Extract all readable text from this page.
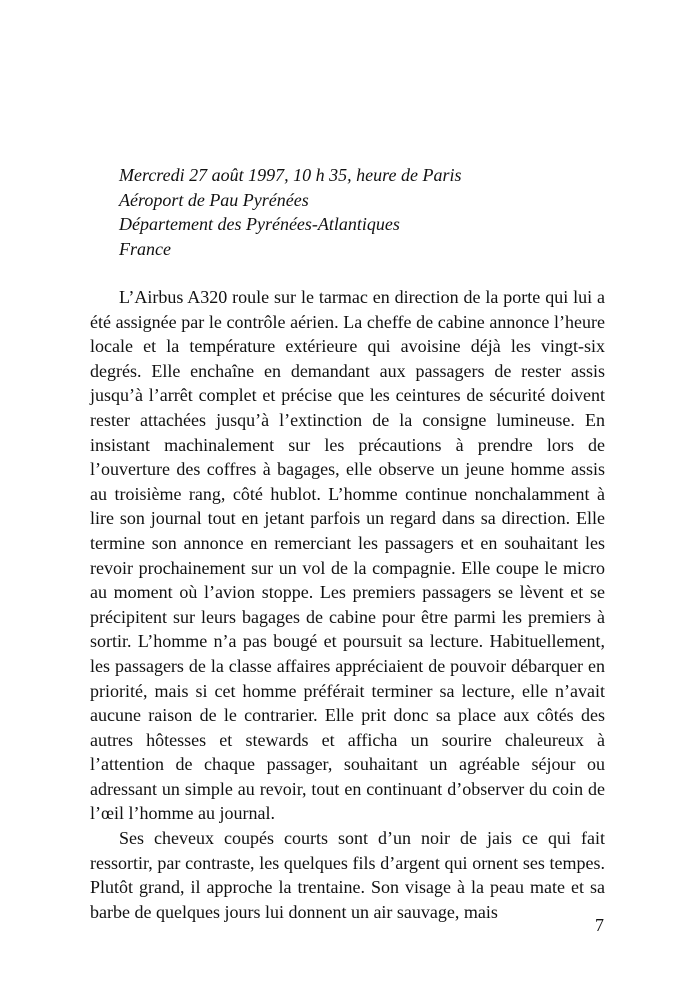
Mercredi 27 août 1997, 10 h 35, heure de Paris
Aéroport de Pau Pyrénées
Département des Pyrénées-Atlantiques
France

L’Airbus A320 roule sur le tarmac en direction de la porte qui lui a été assignée par le contrôle aérien. La cheffe de cabine annonce l’heure locale et la température extérieure qui avoisine déjà les vingt-six degrés. Elle enchaîne en demandant aux passagers de rester assis jusqu’à l’arrêt complet et précise que les ceintures de sécurité doivent rester attachées jusqu’à l’extinction de la consigne lumineuse. En insistant machinalement sur les précautions à prendre lors de l’ouverture des coffres à bagages, elle observe un jeune homme assis au troisième rang, côté hublot. L’homme continue nonchalamment à lire son journal tout en jetant parfois un regard dans sa direction. Elle termine son annonce en remerciant les passagers et en souhaitant les revoir prochainement sur un vol de la compagnie. Elle coupe le micro au moment où l’avion stoppe. Les premiers passagers se lèvent et se précipitent sur leurs bagages de cabine pour être parmi les premiers à sortir. L’homme n’a pas bougé et poursuit sa lecture. Habituellement, les passagers de la classe affaires appréciaient de pouvoir débarquer en priorité, mais si cet homme préférait terminer sa lecture, elle n’avait aucune raison de le contrarier. Elle prit donc sa place aux côtés des autres hôtesses et stewards et afficha un sourire chaleureux à l’attention de chaque passager, souhaitant un agréable séjour ou adressant un simple au revoir, tout en continuant d’observer du coin de l’œil l’homme au journal.

Ses cheveux coupés courts sont d’un noir de jais ce qui fait ressortir, par contraste, les quelques fils d’argent qui ornent ses tempes. Plutôt grand, il approche la trentaine. Son visage à la peau mate et sa barbe de quelques jours lui donnent un air sauvage, mais

7
